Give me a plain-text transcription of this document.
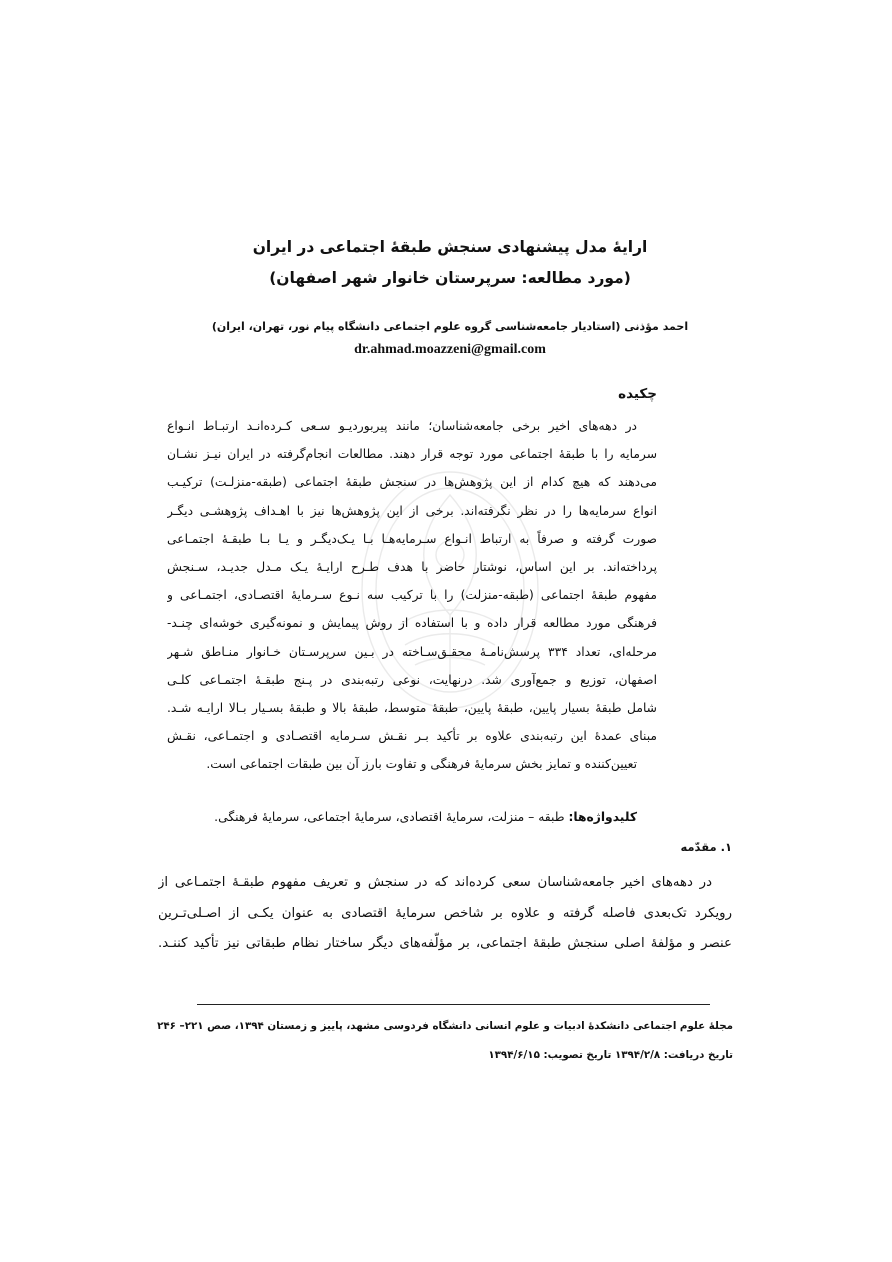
ارایهٔ مدل پیشنهادی سنجش طبقهٔ اجتماعی در ایران
(مورد مطالعه: سرپرستان خانوار شهر اصفهان)
احمد مؤذنی (استادیار جامعه‌شناسی گروه علوم اجتماعی دانشگاه پیام نور، تهران، ایران)
dr.ahmad.moazzeni@gmail.com
چکیده
در دهه‌های اخیر برخی جامعه‌شناسان؛ مانند پیربوردیـو سـعی کـرده‌انـد ارتبـاط انـواع
سرمایه را با طبقهٔ اجتماعی مورد توجه قرار دهند. مطالعات انجام‌گرفته در ایران نیـز نشـان
می‌دهند که هیچ کدام از این پژوهش‌ها در سنجش طبقهٔ اجتماعی (طبقه-منزلـت) ترکیـب
انواع سرمایه‌ها را در نظر نگرفته‌اند. برخی از این پژوهش‌ها نیز با اهـداف پژوهشـی دیگـر
صورت گرفته و صرفاً به ارتباط انـواع سـرمایه‌هـا بـا یـک‌دیگـر و یـا بـا طبقـهٔ اجتمـاعی
پرداخته‌اند. بر این اساس، نوشتار حاضر با هدف طـرح ارایـهٔ یـک مـدل جدیـد، سـنجش
مفهوم طبقهٔ اجتماعی (طبقه-منزلت) را با ترکیب سه نـوع سـرمایهٔ اقتصـادی، اجتمـاعی و
فرهنگی مورد مطالعه قرار داده و با استفاده از روش پیمایش و نمونه‌گیری خوشه‌ای چنـد-
مرحله‌ای، تعداد ۳۳۴ پرسش‌نامـهٔ محقـق‌سـاخته در بـین سرپرسـتان خـانوار منـاطق شـهر
اصفهان، توزیع و جمع‌آوری شد. درنهایت، نوعی رتبه‌بندی در پـنج طبقـهٔ اجتمـاعی کلـی
شامل طبقهٔ بسیار پایین، طبقهٔ پایین، طبقهٔ متوسط، طبقهٔ بالا و طبقهٔ بسـیار بـالا ارایـه شـد.
مبنای عمدهٔ این رتبه‌بندی علاوه بر تأکید بـر نقـش سـرمایه اقتصـادی و اجتمـاعی، نقـش
تعیین‌کننده و تمایز بخش سرمایهٔ فرهنگی و تفاوت بارز آن بین طبقات اجتماعی است.
کلیدواژه‌ها: طبقه – منزلت، سرمایهٔ اقتصادی، سرمایهٔ اجتماعی، سرمایهٔ فرهنگی.
۱. مقدّمه
در دهه‌های اخیر جامعه‌شناسان سعی کرده‌اند که در سنجش و تعریف مفهوم طبقـهٔ اجتمـاعی از
رویکرد تک‌بعدی فاصله گرفته و علاوه بر شاخص سرمایهٔ اقتصادی به عنوان یکـی از اصـلی‌تـرین
عنصر و مؤلفهٔ اصلی سنجش طبقهٔ اجتماعی، بر مؤلّفه‌های دیگر ساختار نظام طبقاتی نیز تأکید کننـد.
مجلهٔ علوم اجتماعی دانشکدهٔ ادبیات و علوم انسانی دانشگاه فردوسی مشهد، پاییز و زمستان ۱۳۹۴، صص ۲۲۱– ۲۴۶
تاریخ دریافت: ۱۳۹۴/۲/۸ تاریخ تصویب: ۱۳۹۴/۶/۱۵
